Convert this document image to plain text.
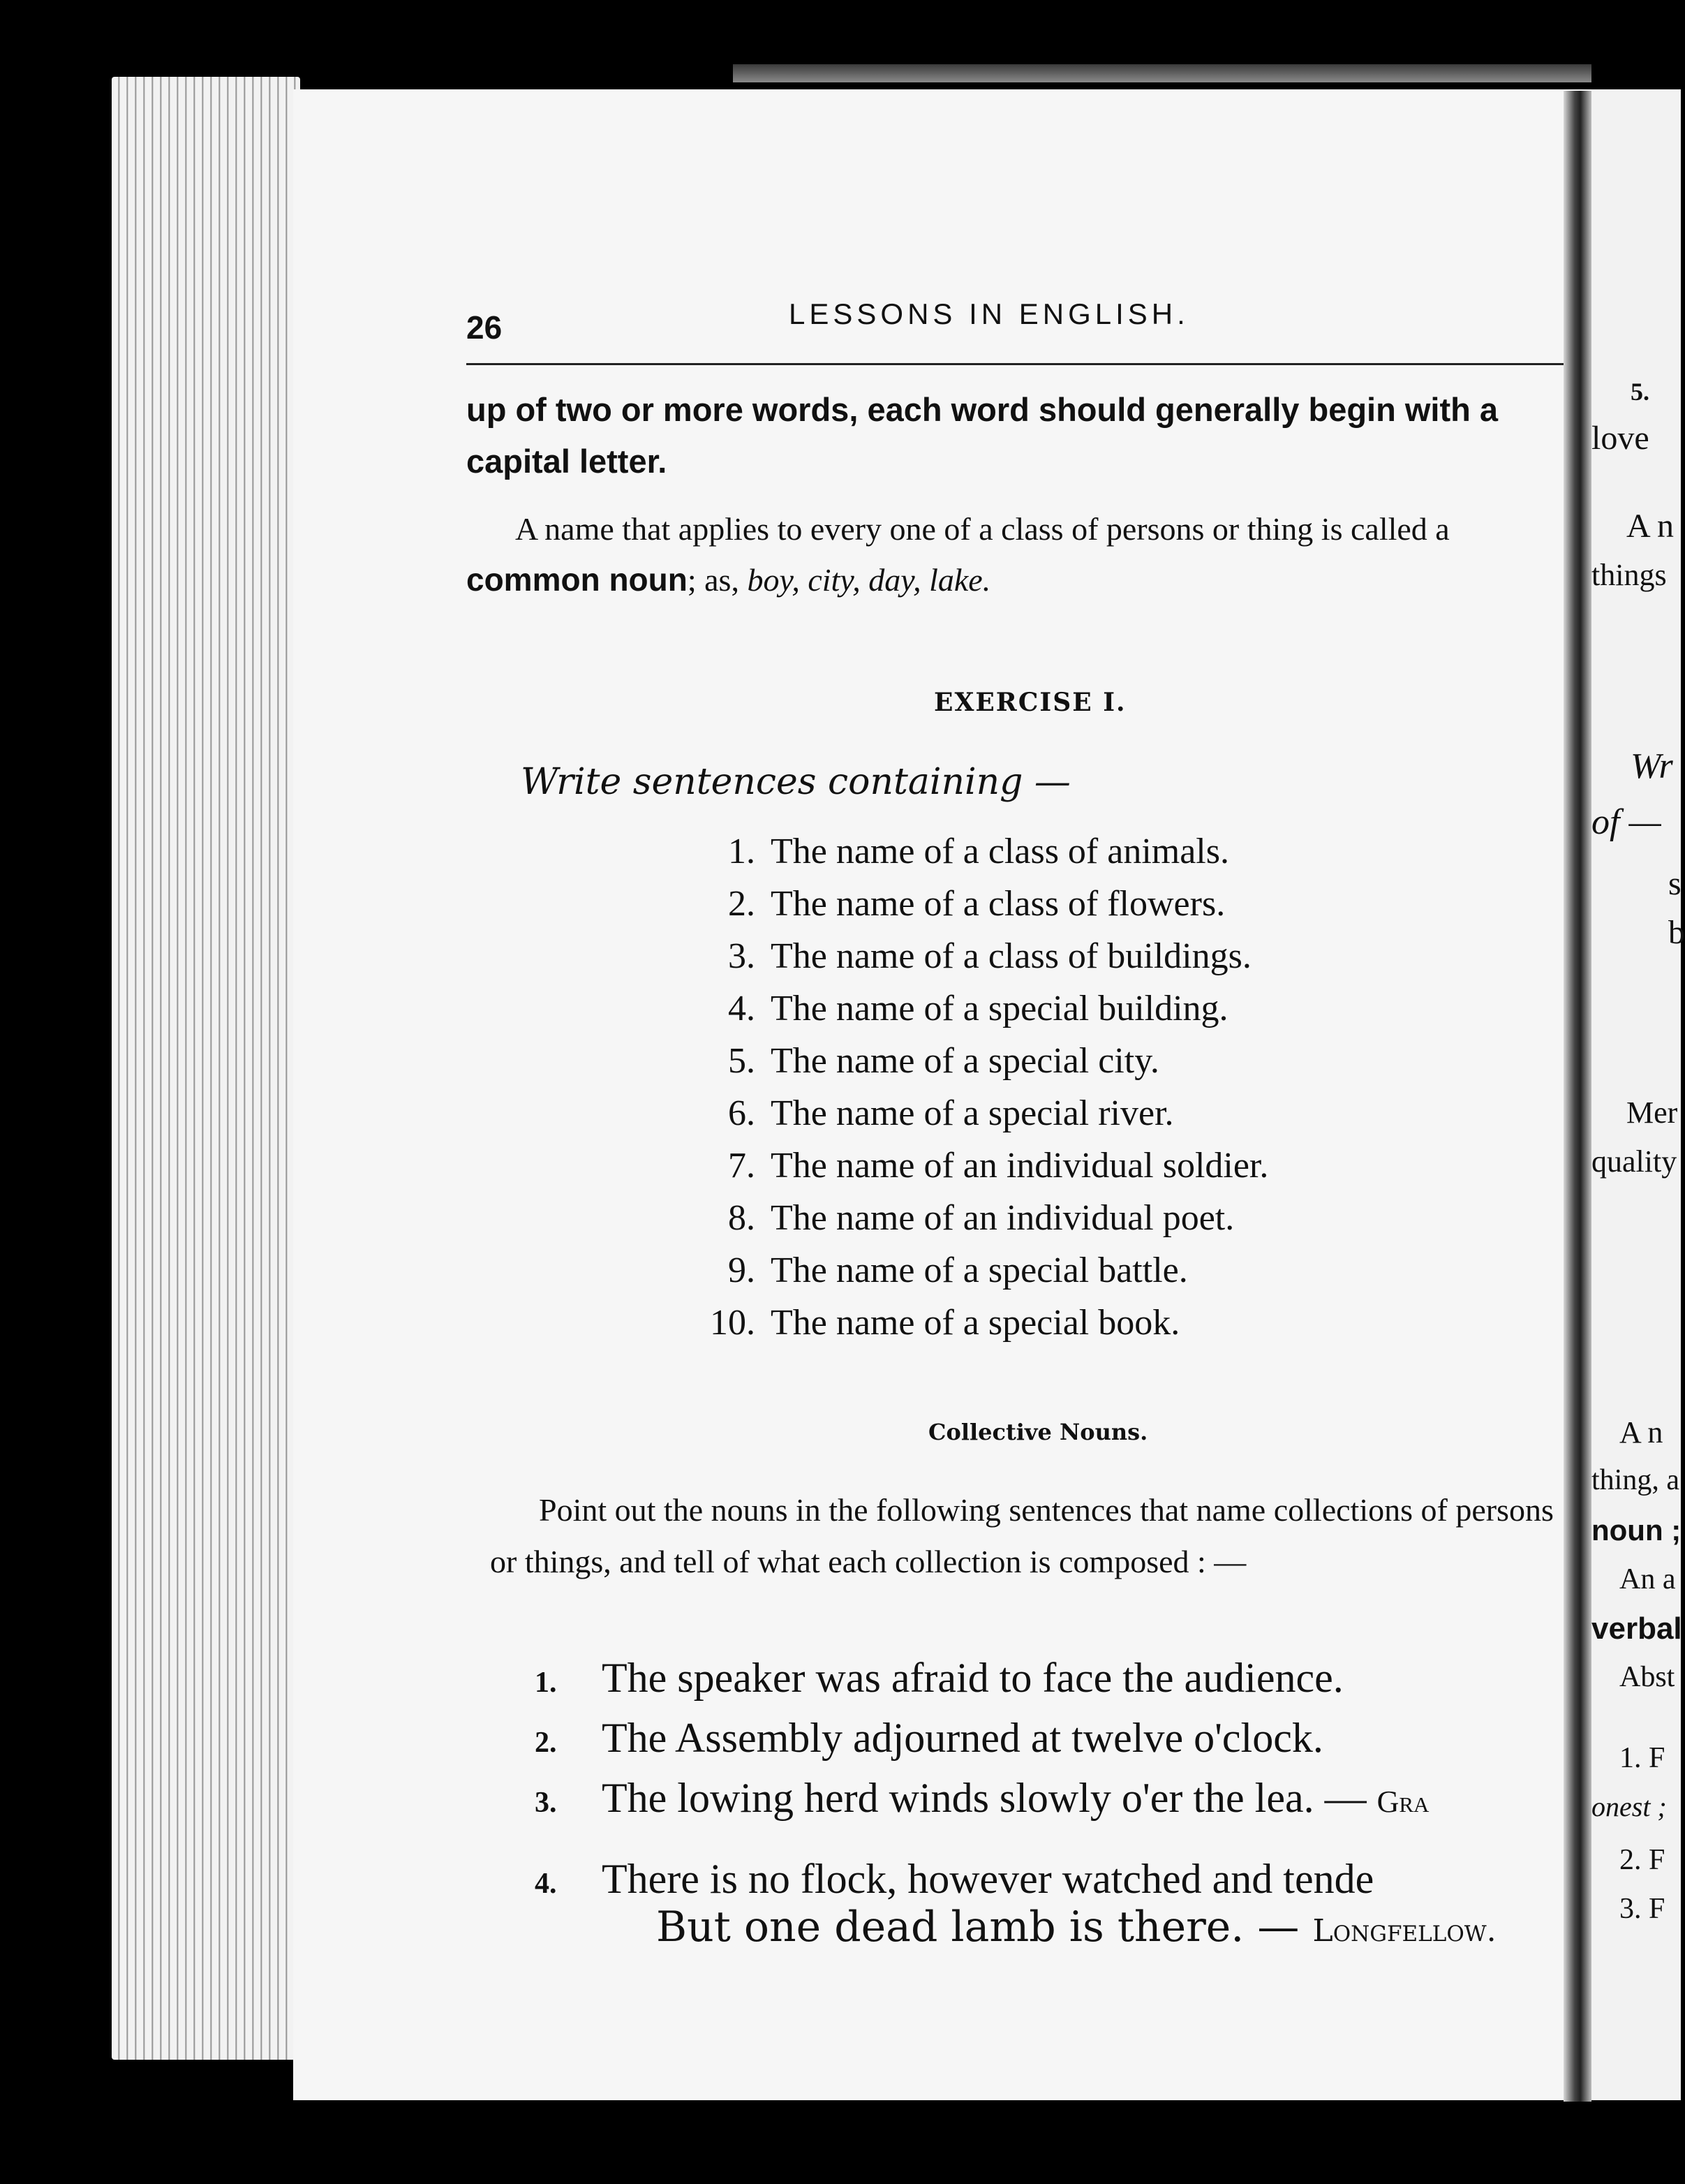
26	LESSONS IN ENGLISH.
up of two or more words, each word should generally begin with a capital letter.
A name that applies to every one of a class of persons or thing is called a common noun; as, boy, city, day, lake.
EXERCISE I.
Write sentences containing —
1. The name of a class of animals.
2. The name of a class of flowers.
3. The name of a class of buildings.
4. The name of a special building.
5. The name of a special city.
6. The name of a special river.
7. The name of an individual soldier.
8. The name of an individual poet.
9. The name of a special battle.
10. The name of a special book.
Collective Nouns.
Point out the nouns in the following sentences that name collections of persons or things, and tell of what each collection is composed : —
1. The speaker was afraid to face the audience.
2. The Assembly adjourned at twelve o'clock.
3. The lowing herd winds slowly o'er the lea. — Gra
4. There is no flock, however watched and tende
But one dead lamb is there. — Longfellow.
5.
love
A n
things
Wr
of —
s
b
Mer
quality
A n
thing, a
noun ;
An a
verbal
Abst
1. F
onest ;
2. F
3. F
